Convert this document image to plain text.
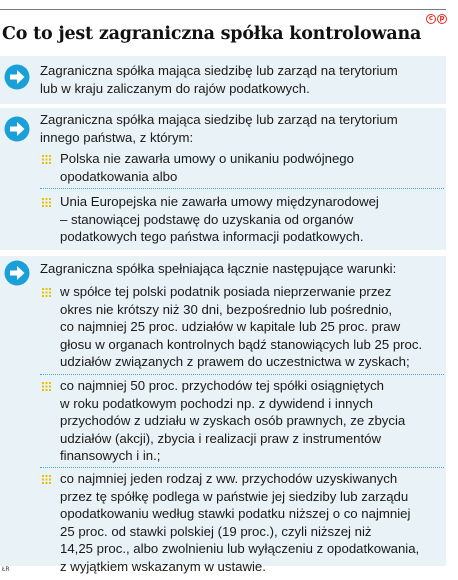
Co to jest zagraniczna spółka kontrolowana
c p
Zagraniczna spółka mająca siedzibę lub zarząd na terytorium
lub w kraju zaliczanym do rajów podatkowych.
Zagraniczna spółka mająca siedzibę lub zarząd na terytorium
innego państwa, z którym:
Polska nie zawarła umowy o unikaniu podwójnego
opodatkowania albo
Unia Europejska nie zawarła umowy międzynarodowej
– stanowiącej podstawę do uzyskania od organów
podatkowych tego państwa informacji podatkowych.
Zagraniczna spółka spełniająca łącznie następujące warunki:
w spółce tej polski podatnik posiada nieprzerwanie przez
okres nie krótszy niż 30 dni, bezpośrednio lub pośrednio,
co najmniej 25 proc. udziałów w kapitale lub 25 proc. praw
głosu w organach kontrolnych bądź stanowiących lub 25 proc.
udziałów związanych z prawem do uczestnictwa w zyskach;
co najmniej 50 proc. przychodów tej spółki osiągniętych
w roku podatkowym pochodzi np. z dywidend i innych
przychodów z udziału w zyskach osób prawnych, ze zbycia
udziałów (akcji), zbycia i realizacji praw z instrumentów
finansowych i in.;
co najmniej jeden rodzaj z ww. przychodów uzyskiwanych
przez tę spółkę podlega w państwie jej siedziby lub zarządu
opodatkowaniu według stawki podatku niższej o co najmniej
25 proc. od stawki polskiej (19 proc.), czyli niższej niż
14,25 proc., albo zwolnieniu lub wyłączeniu z opodatkowania,
z wyjątkiem wskazanym w ustawie.
ŁR
